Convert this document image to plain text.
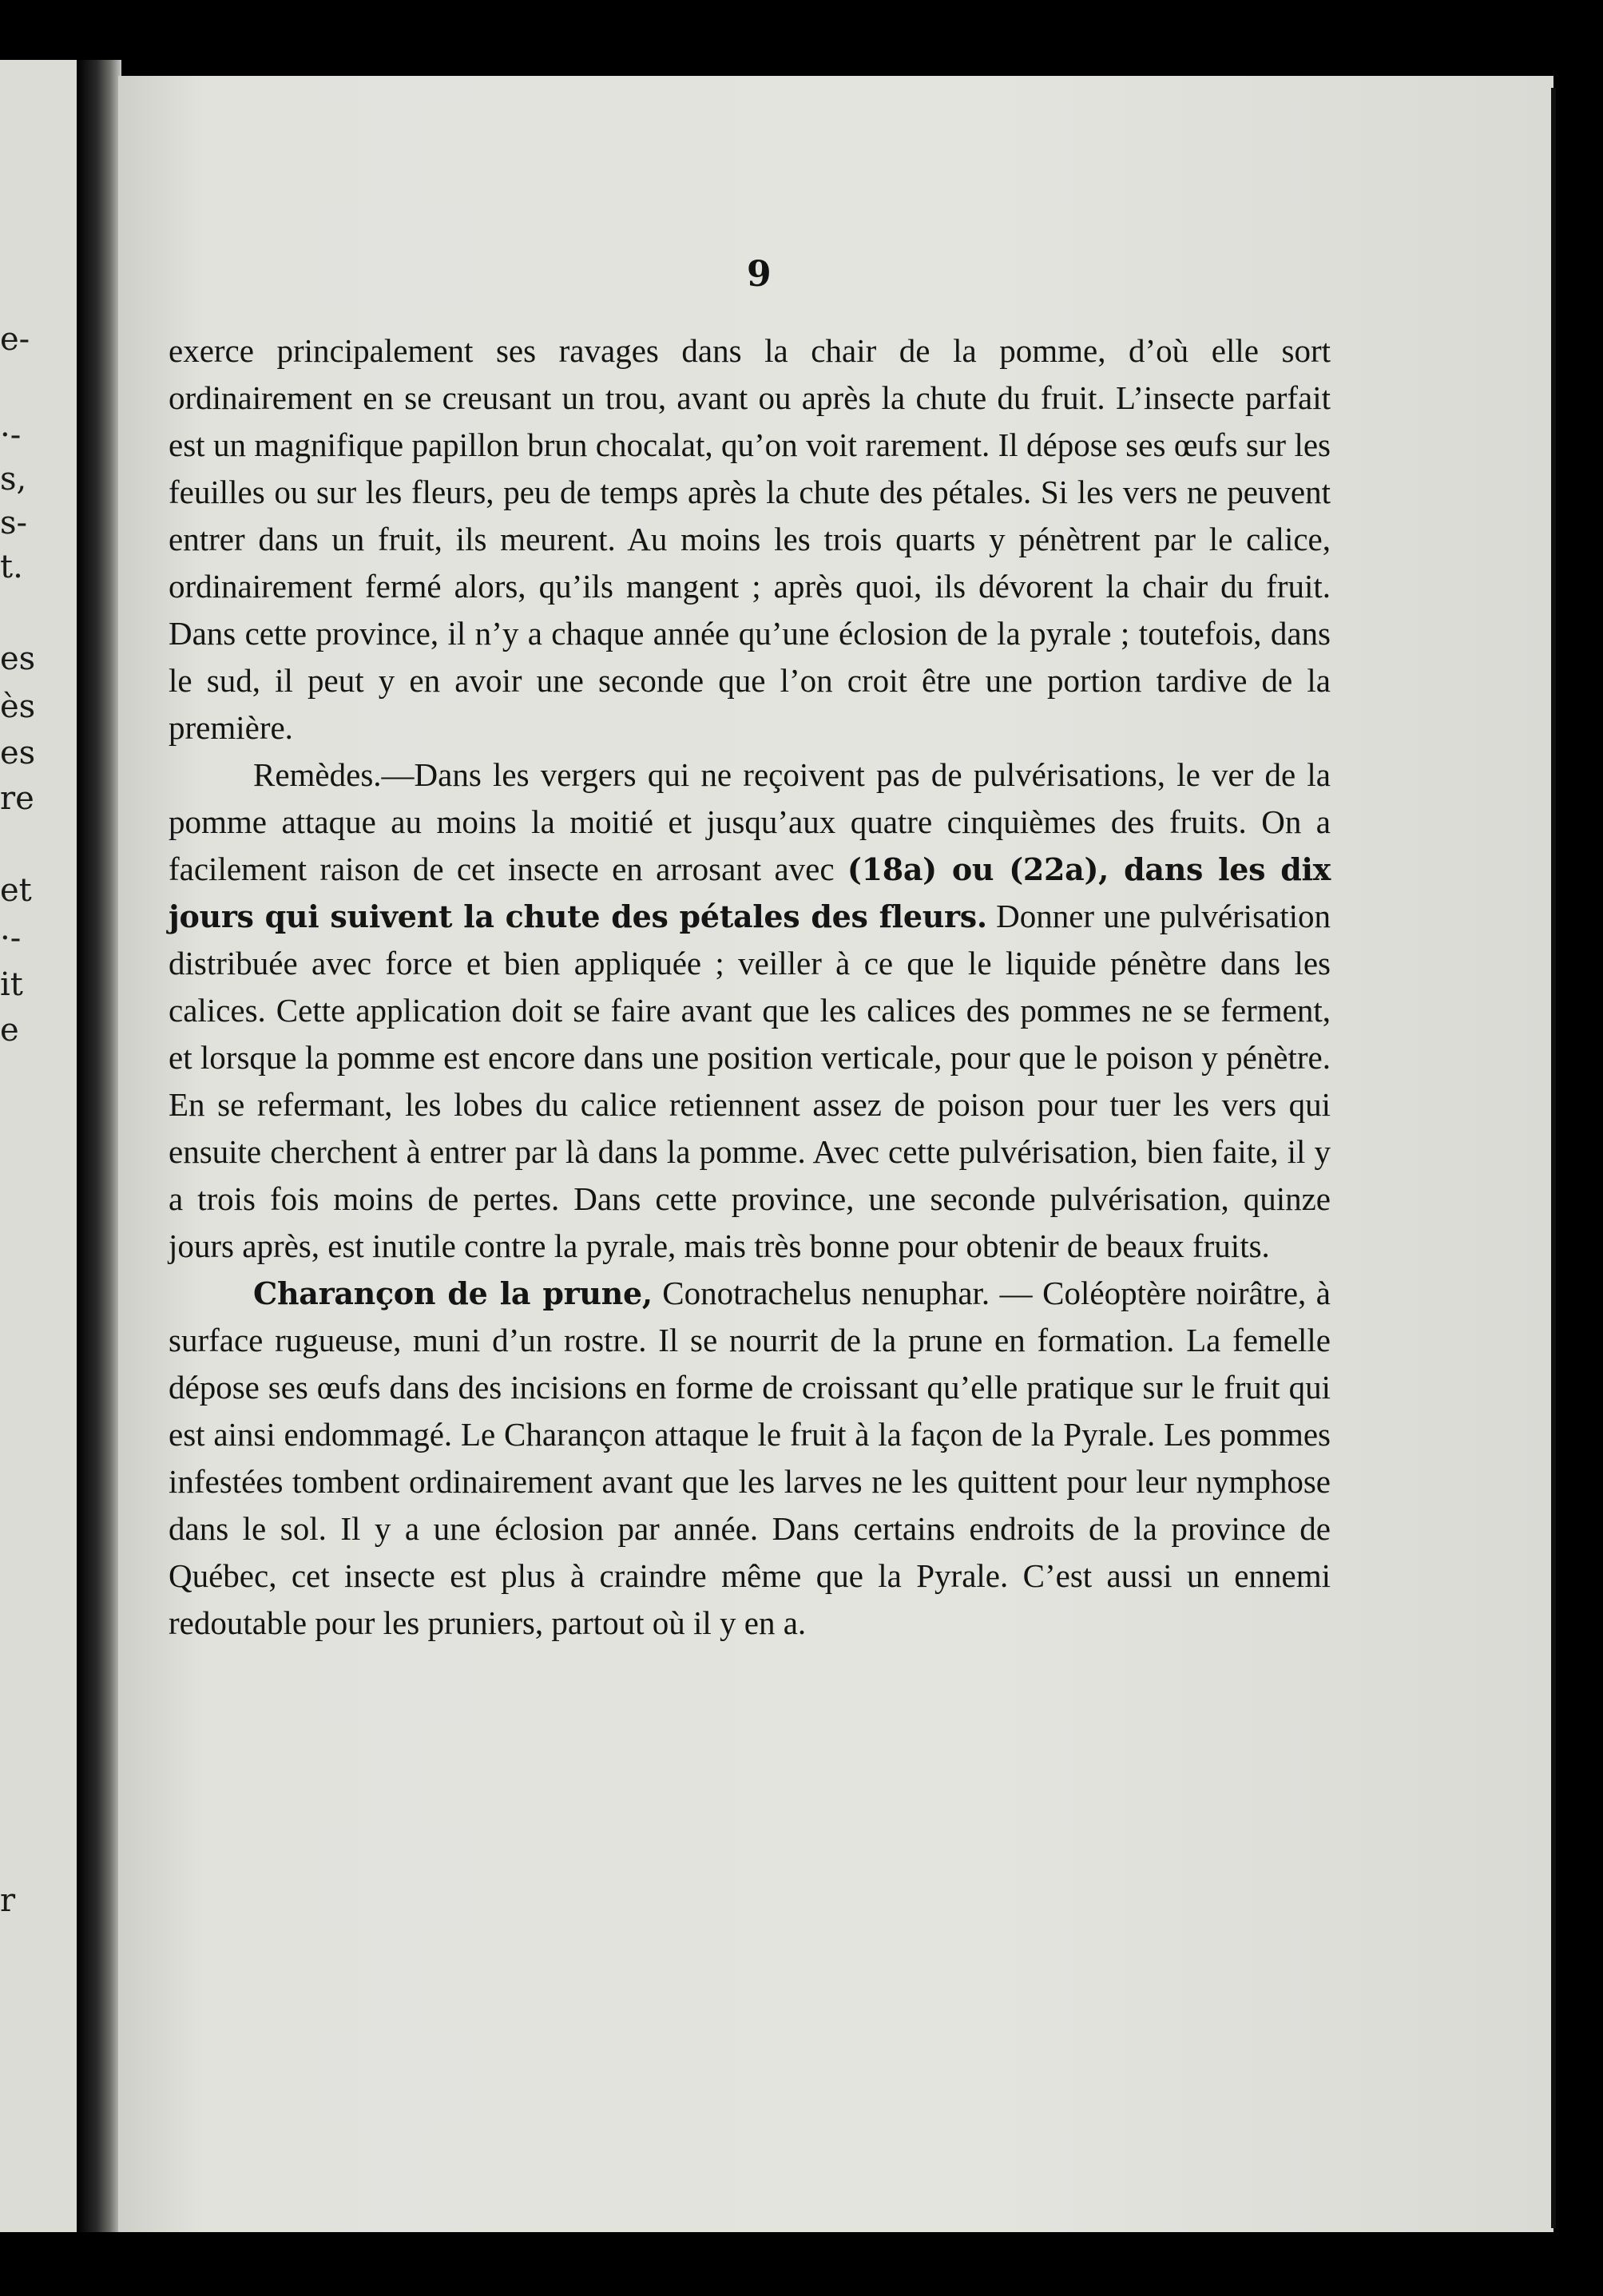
e-
·-
s,
s-
t.
es
ès
es
re
et
·-
it
e
r
9

exerce principalement ses ravages dans la chair de la pomme, d’où elle sort ordinairement en se creusant un trou, avant ou après la chute du fruit. L’insecte parfait est un magnifique papillon brun chocalat, qu’on voit rarement. Il dépose ses œufs sur les feuilles ou sur les fleurs, peu de temps après la chute des pétales. Si les vers ne peuvent entrer dans un fruit, ils meurent. Au moins les trois quarts y pénètrent par le calice, ordinairement fermé alors, qu’ils mangent ; après quoi, ils dévorent la chair du fruit. Dans cette province, il n’y a chaque année qu’une éclosion de la pyrale ; toutefois, dans le sud, il peut y en avoir une seconde que l’on croit être une portion tardive de la première.

Remèdes.—Dans les vergers qui ne reçoivent pas de pulvérisations, le ver de la pomme attaque au moins la moitié et jusqu’aux quatre cinquièmes des fruits. On a facilement raison de cet insecte en arrosant avec (18a) ou (22a), dans les dix jours qui suivent la chute des pétales des fleurs. Donner une pulvérisation distribuée avec force et bien appliquée ; veiller à ce que le liquide pénètre dans les calices. Cette application doit se faire avant que les calices des pommes ne se ferment, et lorsque la pomme est encore dans une position verticale, pour que le poison y pénètre. En se refermant, les lobes du calice retiennent assez de poison pour tuer les vers qui ensuite cherchent à entrer par là dans la pomme. Avec cette pulvérisation, bien faite, il y a trois fois moins de pertes. Dans cette province, une seconde pulvérisation, quinze jours après, est inutile contre la pyrale, mais très bonne pour obtenir de beaux fruits.

Charançon de la prune, Conotrachelus nenuphar. — Coléoptère noirâtre, à surface rugueuse, muni d’un rostre. Il se nourrit de la prune en formation. La femelle dépose ses œufs dans des incisions en forme de croissant qu’elle pratique sur le fruit qui est ainsi endommagé. Le Charançon attaque le fruit à la façon de la Pyrale. Les pommes infestées tombent ordinairement avant que les larves ne les quittent pour leur nymphose dans le sol. Il y a une éclosion par année. Dans certains endroits de la province de Québec, cet insecte est plus à craindre même que la Pyrale. C’est aussi un ennemi redoutable pour les pruniers, partout où il y en a.
